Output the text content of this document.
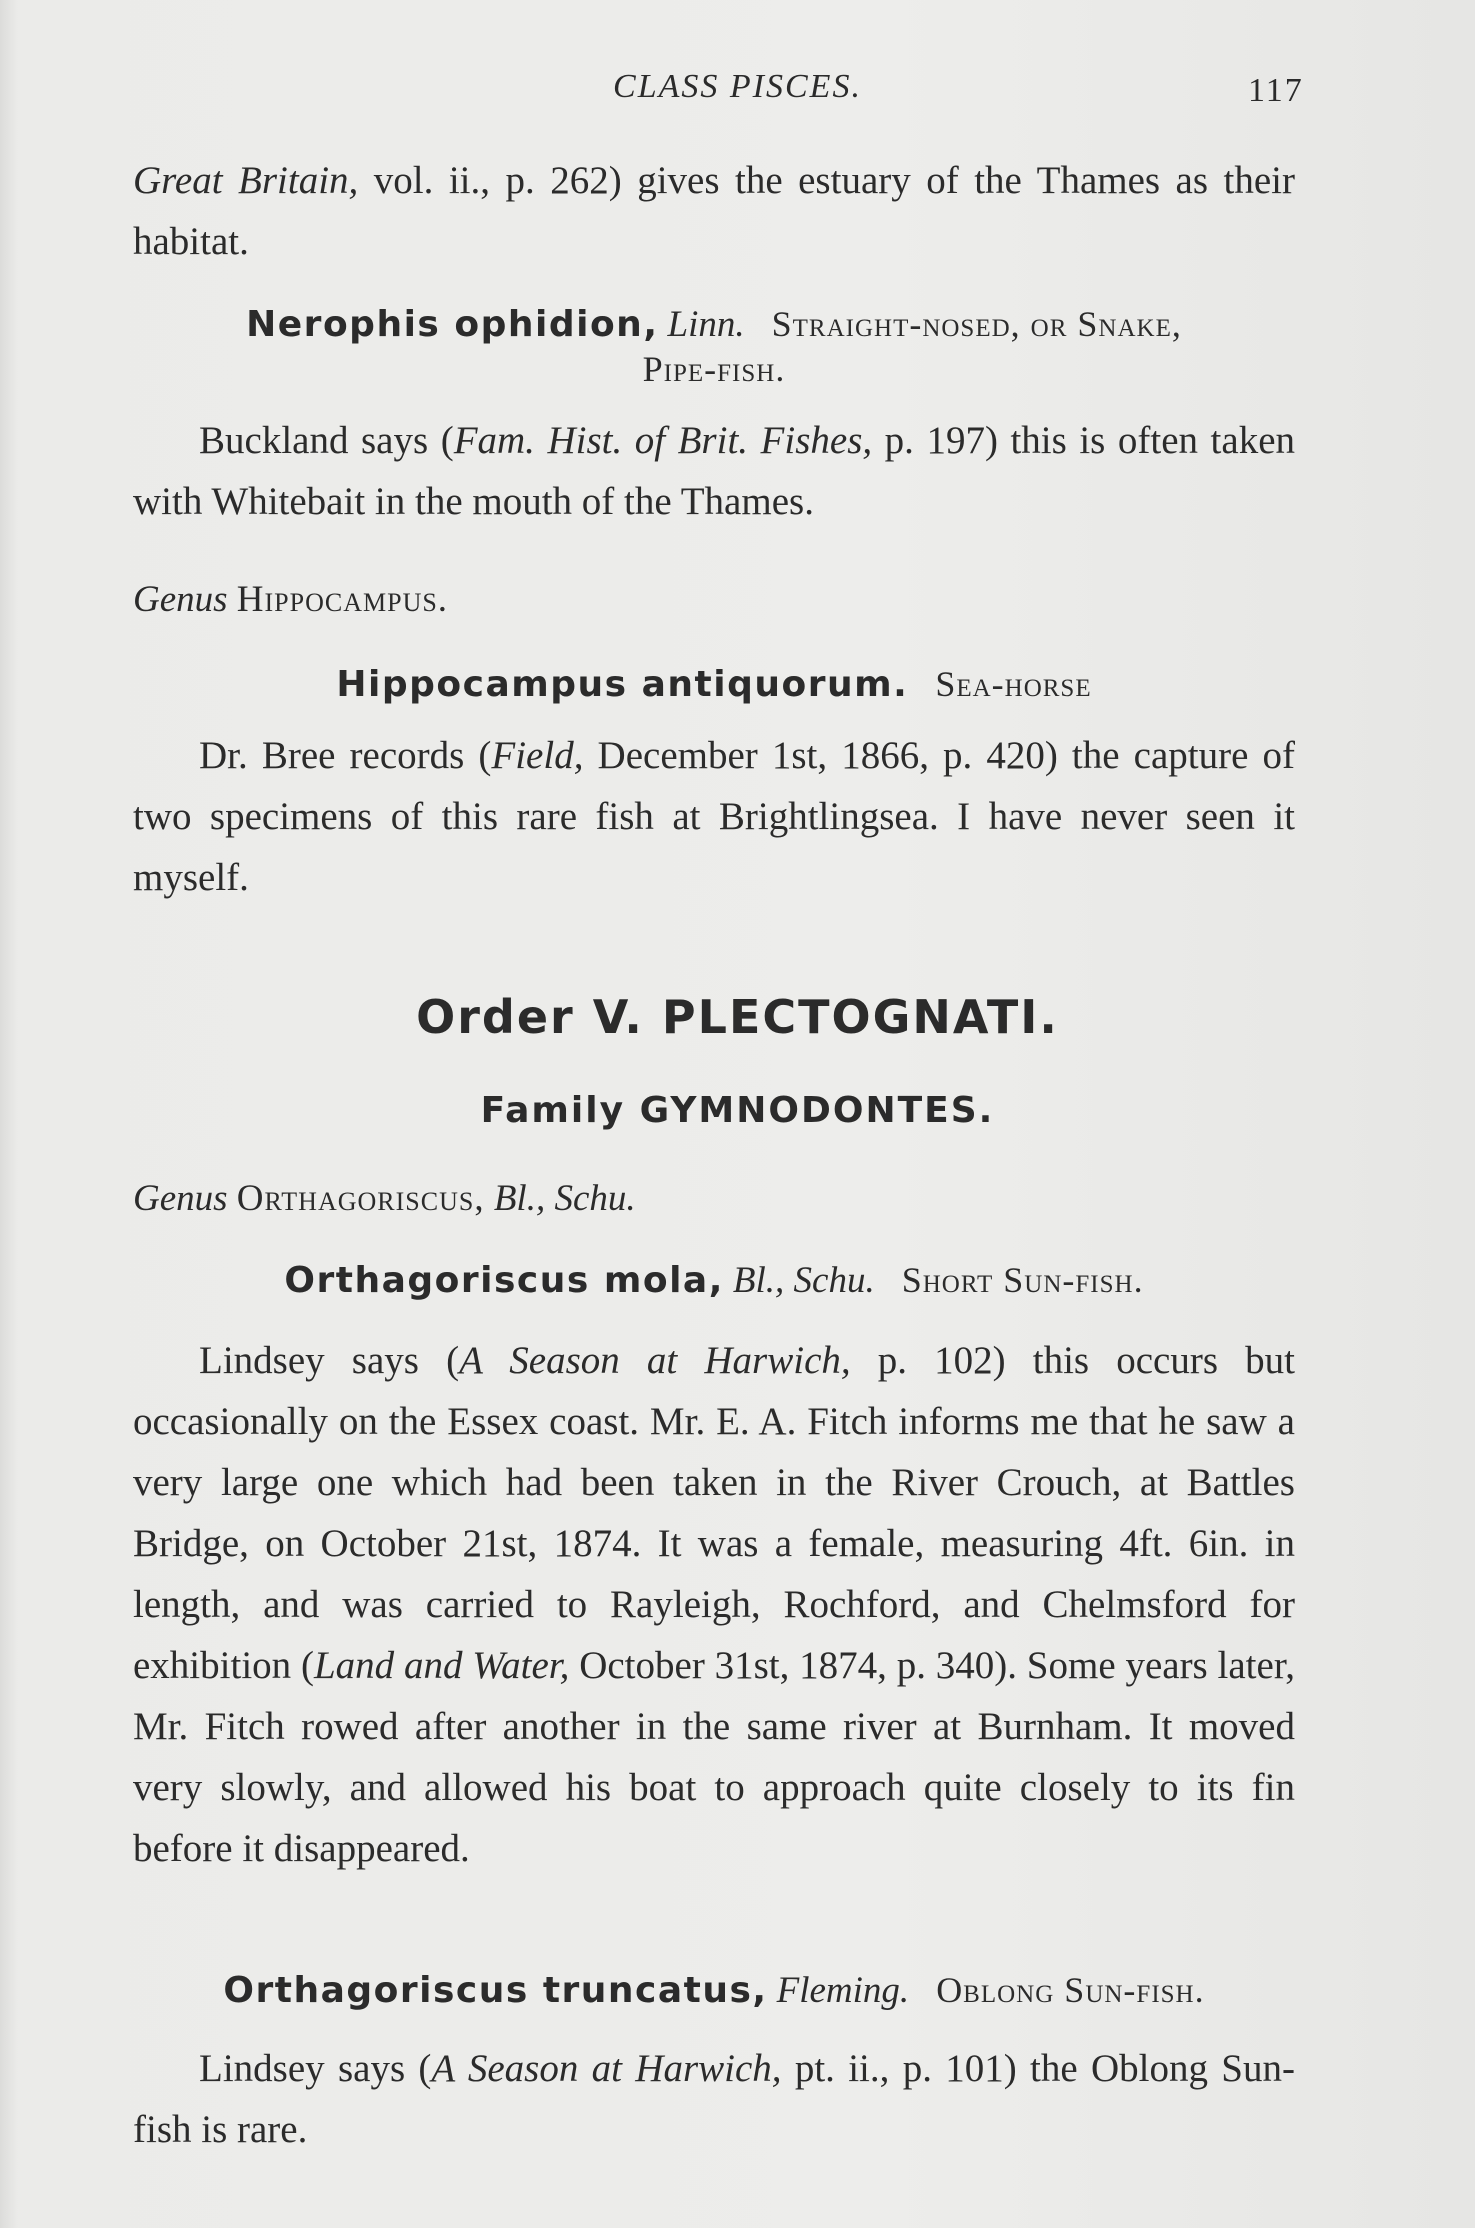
CLASS PISCES.	117

Great Britain, vol. ii., p. 262) gives the estuary of the Thames as their habitat.

Nerophis ophidion, Linn. Straight-nosed, or Snake,
Pipe-fish.

Buckland says (Fam. Hist. of Brit. Fishes, p. 197) this is often taken with Whitebait in the mouth of the Thames.

Genus Hippocampus.

Hippocampus antiquorum. Sea-horse

Dr. Bree records (Field, December 1st, 1866, p. 420) the capture of two specimens of this rare fish at Brightlingsea. I have never seen it myself.

Order V. PLECTOGNATI.
Family GYMNODONTES.

Genus Orthagoriscus, Bl., Schu.

Orthagoriscus mola, Bl., Schu. Short Sun-fish.

Lindsey says (A Season at Harwich, p. 102) this occurs but occasionally on the Essex coast. Mr. E. A. Fitch informs me that he saw a very large one which had been taken in the River Crouch, at Battles Bridge, on October 21st, 1874. It was a female, measuring 4ft. 6in. in length, and was carried to Rayleigh, Rochford, and Chelmsford for exhibition (Land and Water, October 31st, 1874, p. 340). Some years later, Mr. Fitch rowed after another in the same river at Burnham. It moved very slowly, and allowed his boat to approach quite closely to its fin before it disappeared.

Orthagoriscus truncatus, Fleming. Oblong Sun-fish.

Lindsey says (A Season at Harwich, pt. ii., p. 101) the Oblong Sun-fish is rare.
